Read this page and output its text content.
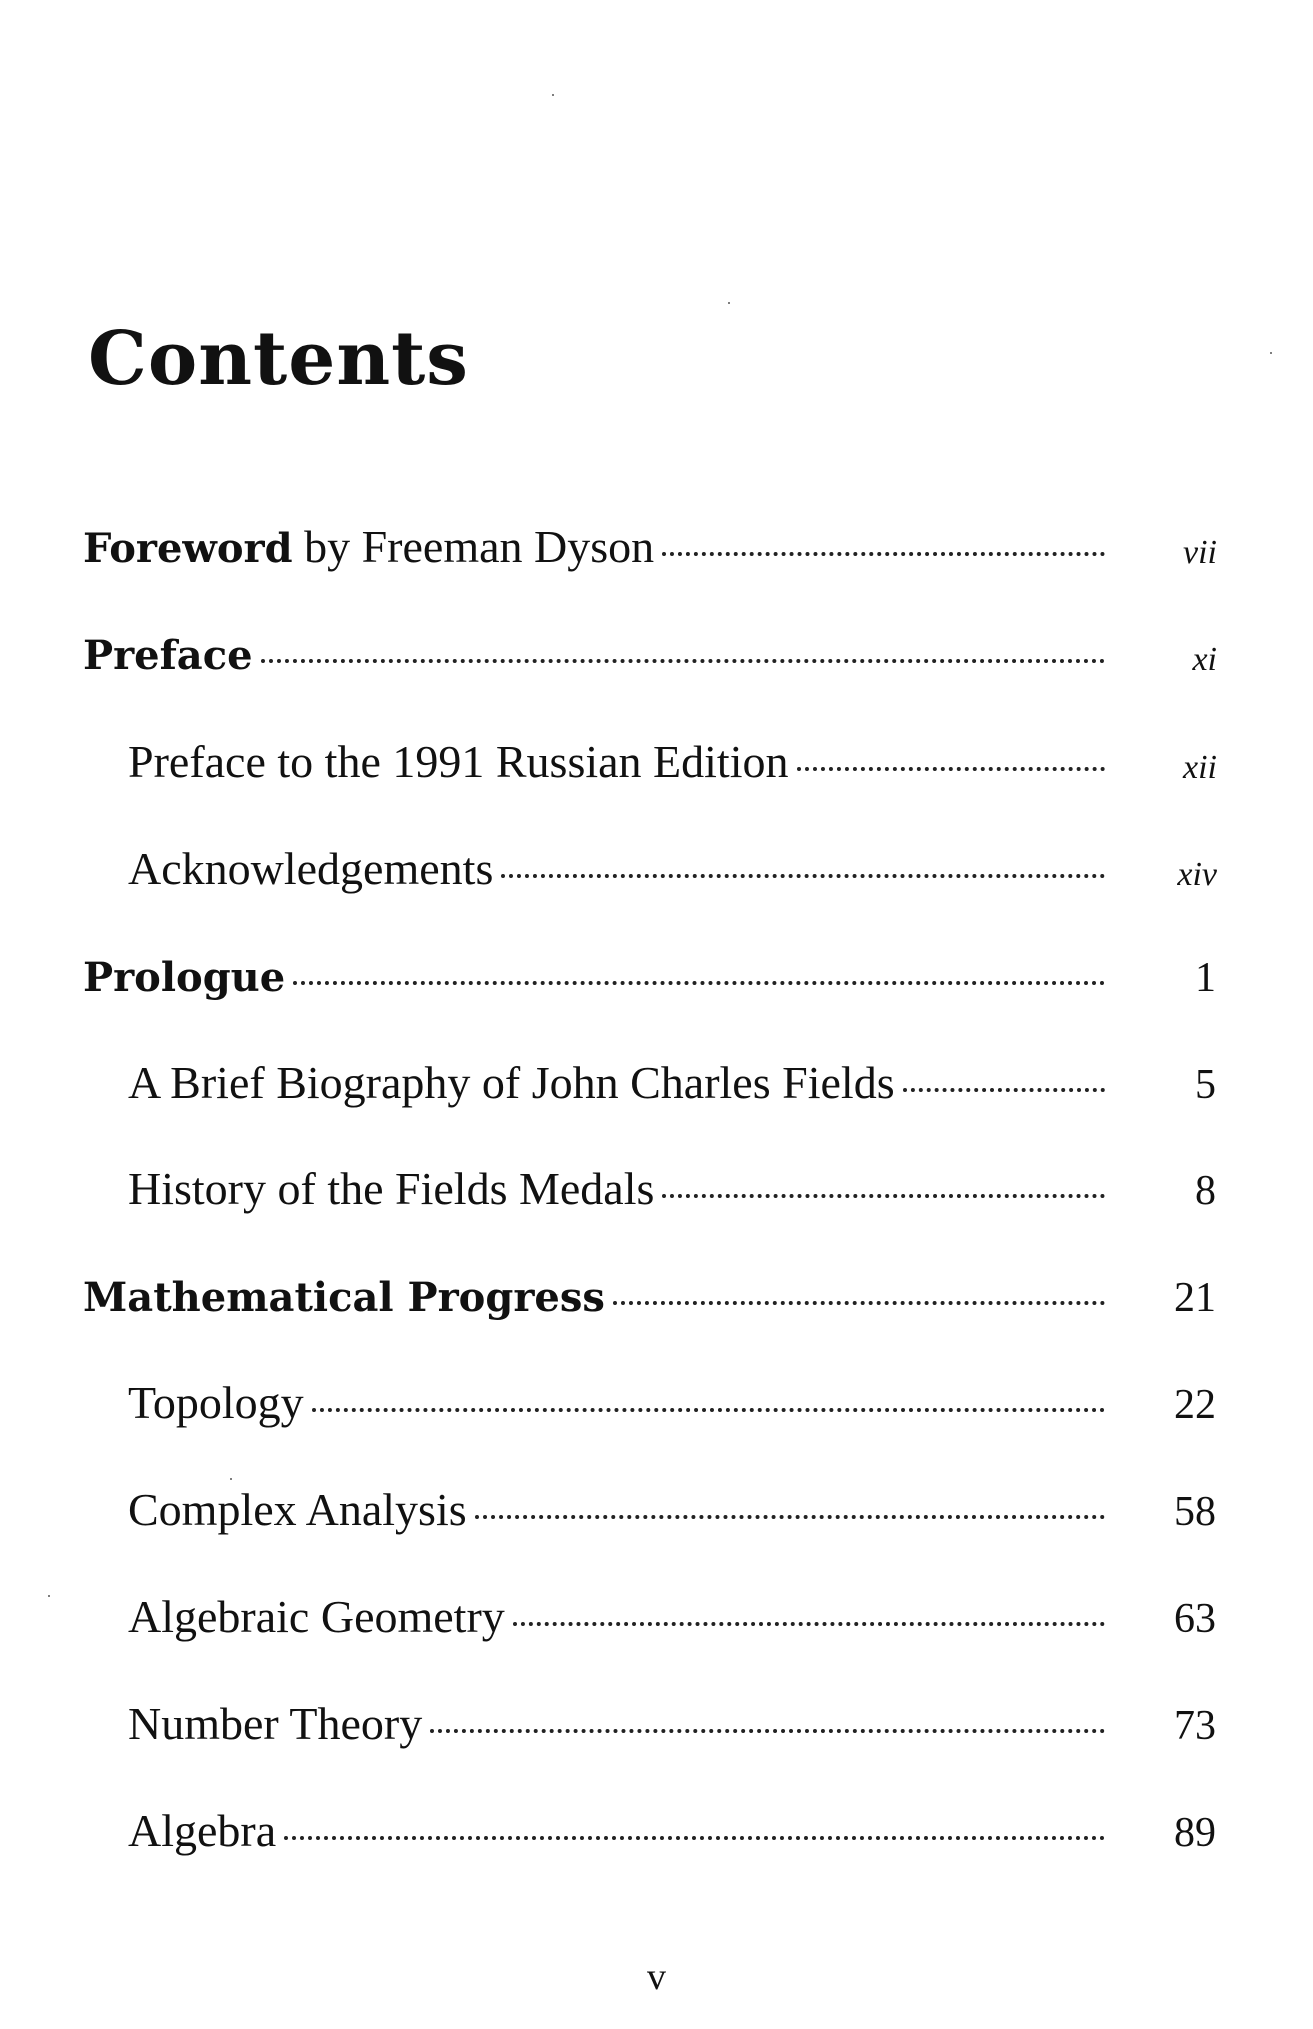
Contents
Foreword by Freeman Dyson	vii
Preface	xi
Preface to the 1991 Russian Edition	xii
Acknowledgements	xiv
Prologue	1
A Brief Biography of John Charles Fields	5
History of the Fields Medals	8
Mathematical Progress	21
Topology	22
Complex Analysis	58
Algebraic Geometry	63
Number Theory	73
Algebra	89
v
